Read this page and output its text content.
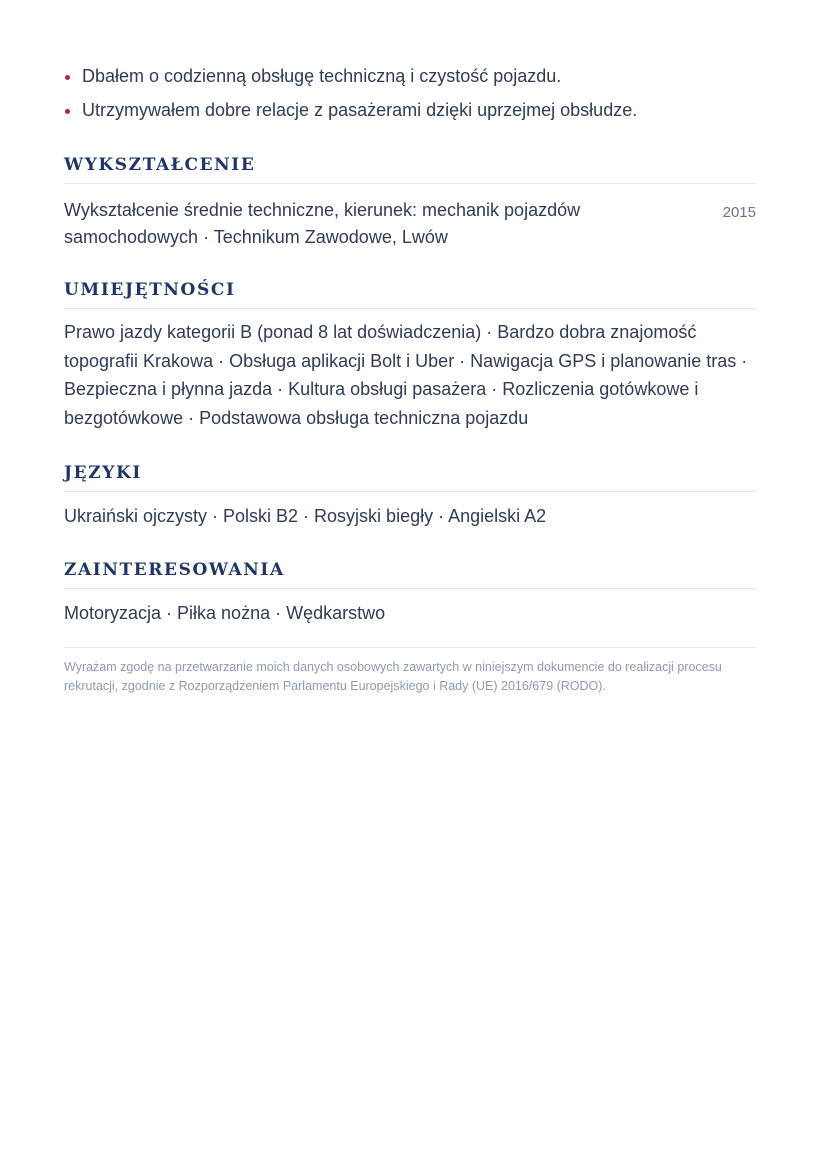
Dbałem o codzienną obsługę techniczną i czystość pojazdu.
Utrzymywałem dobre relacje z pasażerami dzięki uprzejmej obsłudze.
WYKSZTAŁCENIE
Wykształcenie średnie techniczne, kierunek: mechanik pojazdów
samochodowych · Technikum Zawodowe, Lwów
2015
UMIEJĘTNOŚCI
Prawo jazdy kategorii B (ponad 8 lat doświadczenia) · Bardzo dobra znajomość
topografii Krakowa · Obsługa aplikacji Bolt i Uber · Nawigacja GPS i planowanie tras ·
Bezpieczna i płynna jazda · Kultura obsługi pasażera · Rozliczenia gotówkowe i
bezgotówkowe · Podstawowa obsługa techniczna pojazdu
JĘZYKI
Ukraiński ojczysty · Polski B2 · Rosyjski biegły · Angielski A2
ZAINTERESOWANIA
Motoryzacja · Piłka nożna · Wędkarstwo
Wyrażam zgodę na przetwarzanie moich danych osobowych zawartych w niniejszym dokumencie do realizacji procesu
rekrutacji, zgodnie z Rozporządzeniem Parlamentu Europejskiego i Rady (UE) 2016/679 (RODO).
